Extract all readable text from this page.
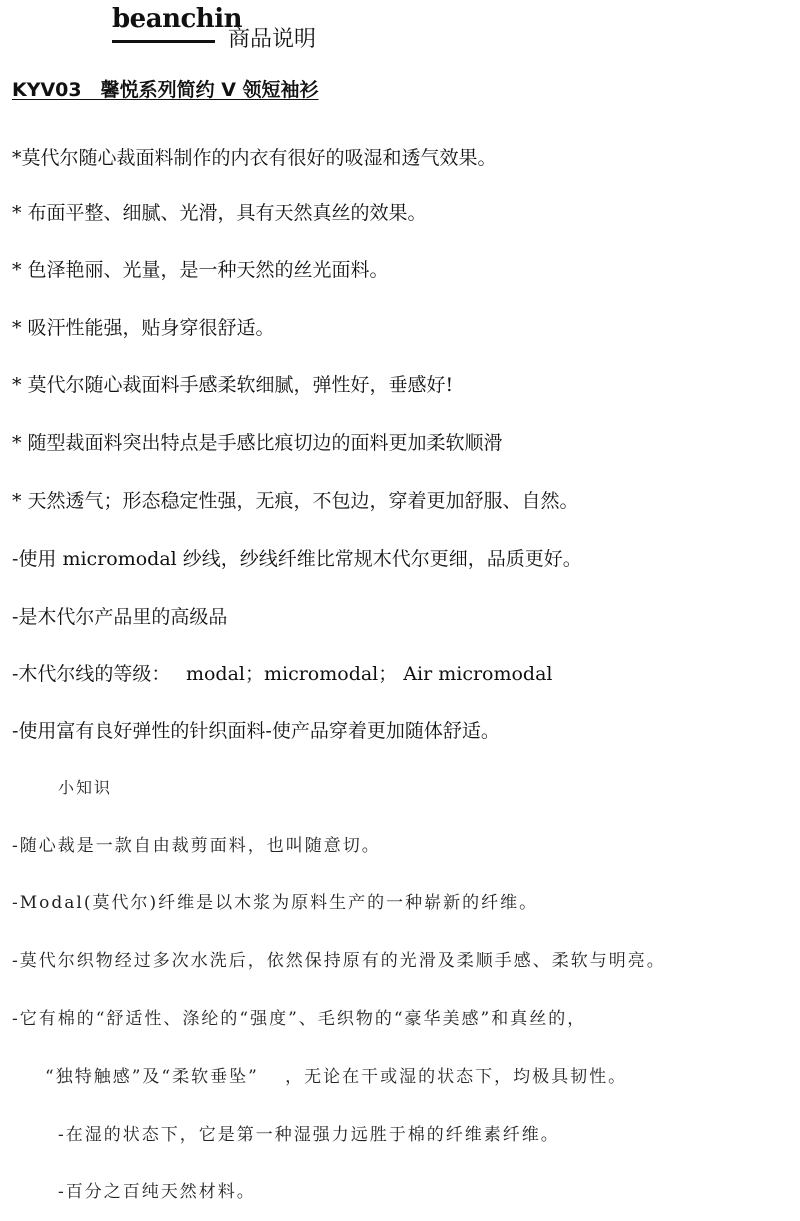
beanchin
商品说明
KYV03　馨悦系列简约 V 领短袖衫
*莫代尔随心裁面料制作的内衣有很好的吸湿和透气效果。
* 布面平整、细腻、光滑，具有天然真丝的效果。
* 色泽艳丽、光量，是一种天然的丝光面料。
* 吸汗性能强，贴身穿很舒适。
* 莫代尔随心裁面料手感柔软细腻，弹性好，垂感好!
* 随型裁面料突出特点是手感比痕切边的面料更加柔软顺滑
* 天然透气；形态稳定性强，无痕，不包边，穿着更加舒服、自然。
-使用 micromodal 纱线，纱线纤维比常规木代尔更细，品质更好。
-是木代尔产品里的高级品
-木代尔线的等级：　 modal；micromodal； Air micromodal
-使用富有良好弹性的针织面料-使产品穿着更加随体舒适。
小知识
-随心裁是一款自由裁剪面料，也叫随意切。
-Modal(莫代尔)纤维是以木浆为原料生产的一种崭新的纤维。
-莫代尔织物经过多次水洗后，依然保持原有的光滑及柔顺手感、柔软与明亮。
-它有棉的“舒适性、涤纶的“强度”、毛织物的“豪华美感”和真丝的，
“独特触感”及“柔软垂坠”　 ，无论在干或湿的状态下，均极具韧性。
-在湿的状态下，它是第一种湿强力远胜于棉的纤维素纤维。
-百分之百纯天然材料。
